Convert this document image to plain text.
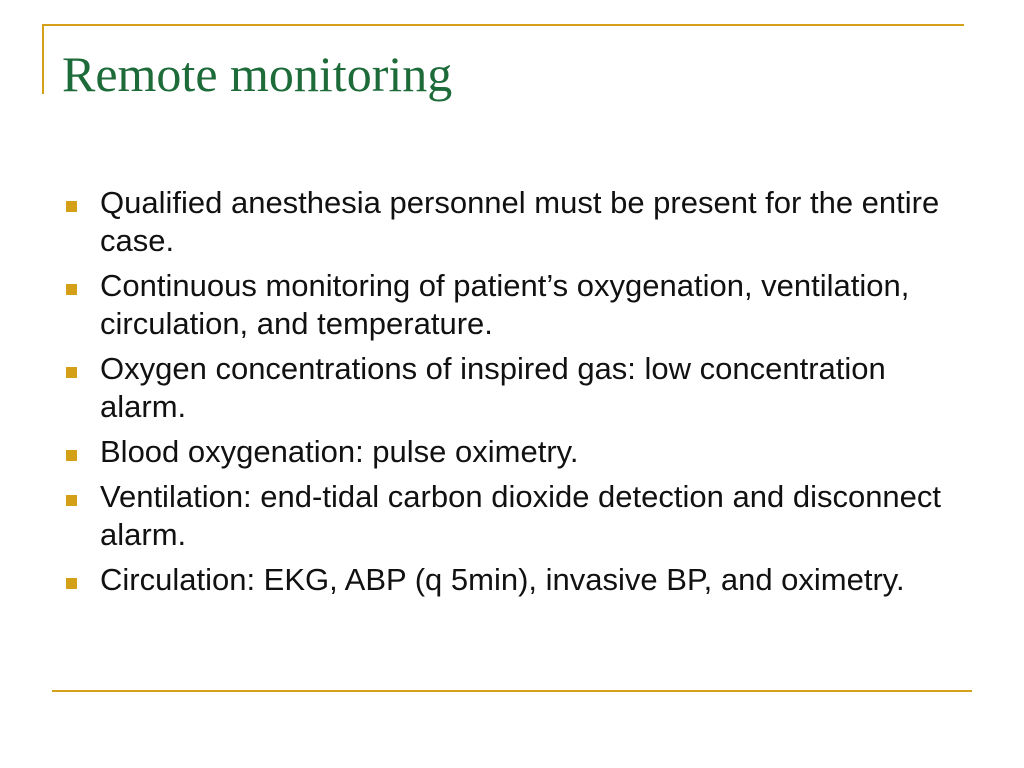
Remote monitoring
Qualified anesthesia personnel must be present for the entire case.
Continuous monitoring of patient’s oxygenation, ventilation, circulation, and temperature.
Oxygen concentrations of inspired gas: low concentration alarm.
Blood oxygenation: pulse oximetry.
Ventilation: end-tidal carbon dioxide detection and disconnect alarm.
Circulation: EKG, ABP (q 5min), invasive BP, and oximetry.
